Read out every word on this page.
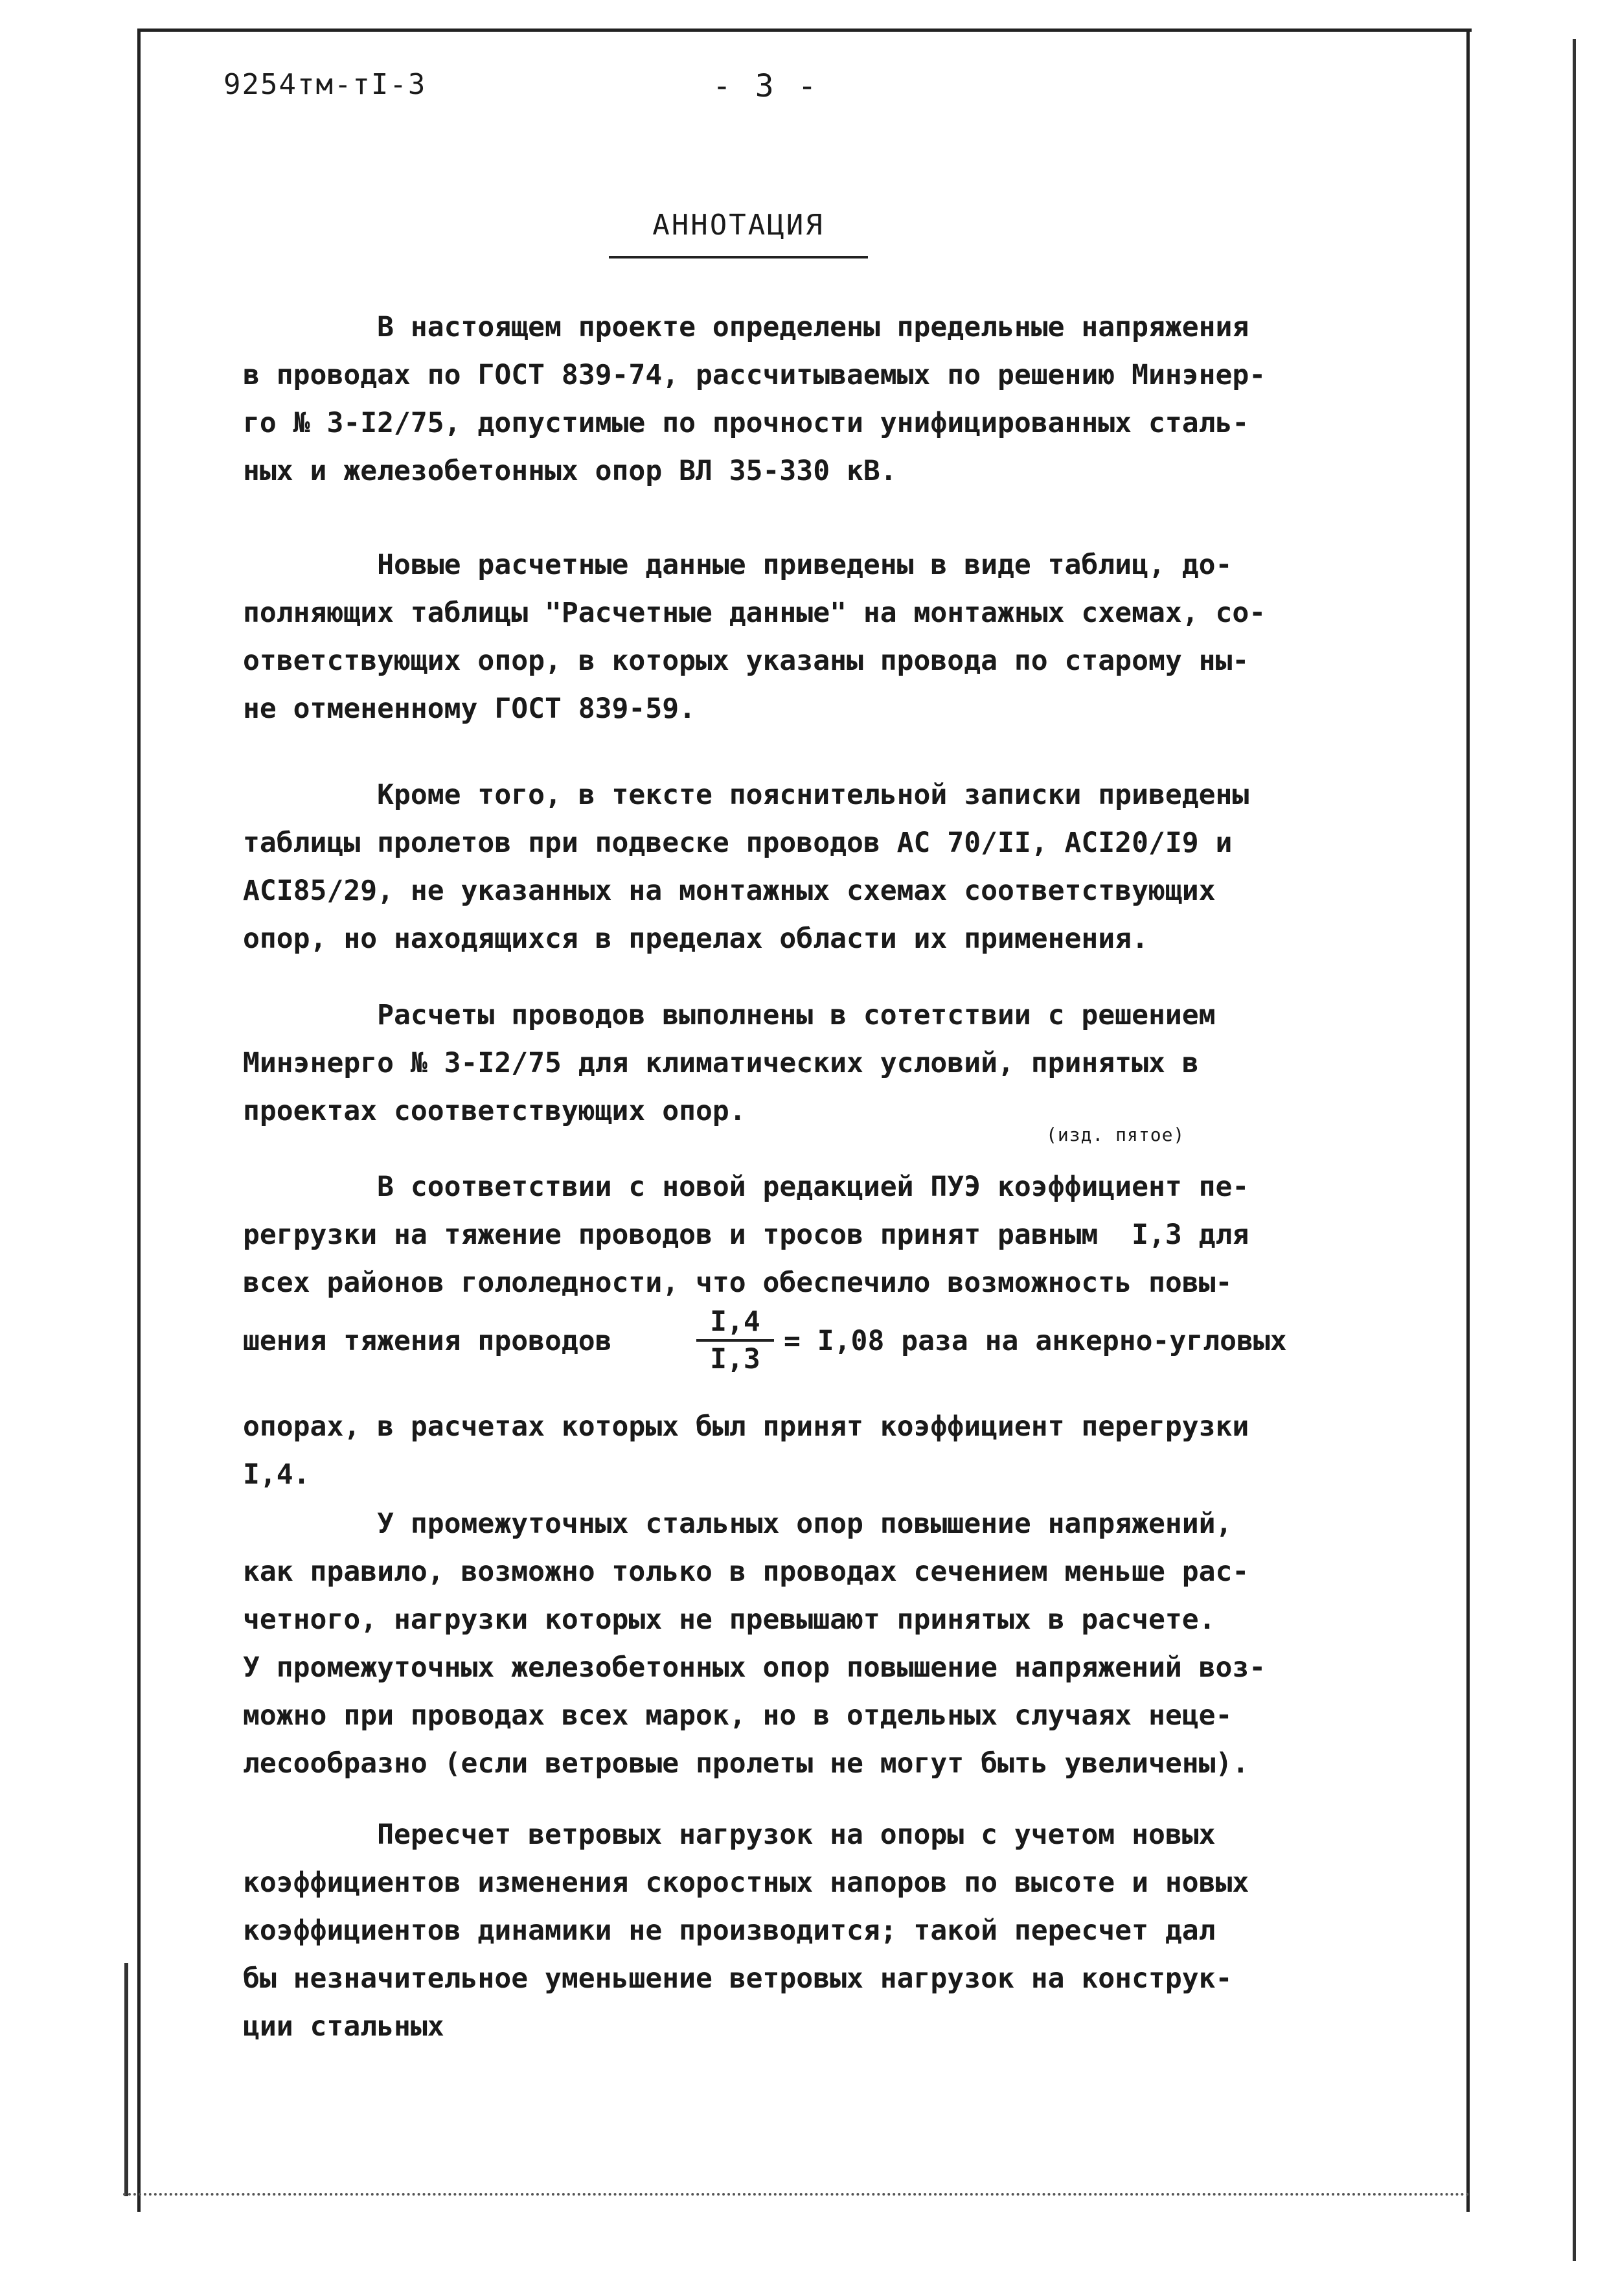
9254тм-тI-3	- 3 -
АННОТАЦИЯ

В настоящем проекте определены предельные напряжения

в проводах по ГОСТ 839-74, рассчитываемых по решению Минэнер-

го № 3-I2/75, допустимые по прочности унифицированных сталь-

ных и железобетонных опор ВЛ 35-330 кВ.

Новые расчетные данные приведены в виде таблиц, до-

полняющих таблицы "Расчетные данные" на монтажных схемах, со-

ответствующих опор, в которых указаны провода по старому ны-

не отмененному ГОСТ 839-59.

Кроме того, в тексте пояснительной записки приведены

таблицы пролетов при подвеске проводов АС 70/II, АСI20/I9 и

АСI85/29, не указанных на монтажных схемах соответствующих

опор, но находящихся в пределах области их применения.

Расчеты проводов выполнены в сотетствии с решением

Минэнерго № 3-I2/75 для климатических условий, принятых в

проектах соответствующих опор.

(изд. пятое)

В соответствии с новой редакцией ПУЭ коэффициент пе-

регрузки на тяжение проводов и тросов принят равным  I,3 для

всех районов гололедности, что обеспечило возможность повы-

шения тяжения проводов	$\frac{I,4}{I,3} = I,08$ раза на анкерно-угловых

опорах, в расчетах которых был принят коэффициент перегрузки

I,4.

У промежуточных стальных опор повышение напряжений,

как правило, возможно только в проводах сечением меньше рас-

четного, нагрузки которых не превышают принятых в расчете.

У промежуточных железобетонных опор повышение напряжений воз-

можно при проводах всех марок, но в отдельных случаях неце-

лесообразно (если ветровые пролеты не могут быть увеличены).

Пересчет ветровых нагрузок на опоры с учетом новых

коэффициентов изменения скоростных напоров по высоте и новых

коэффициентов динамики не производится; такой пересчет дал

бы незначительное уменьшение ветровых нагрузок на конструк-

ции стальных
